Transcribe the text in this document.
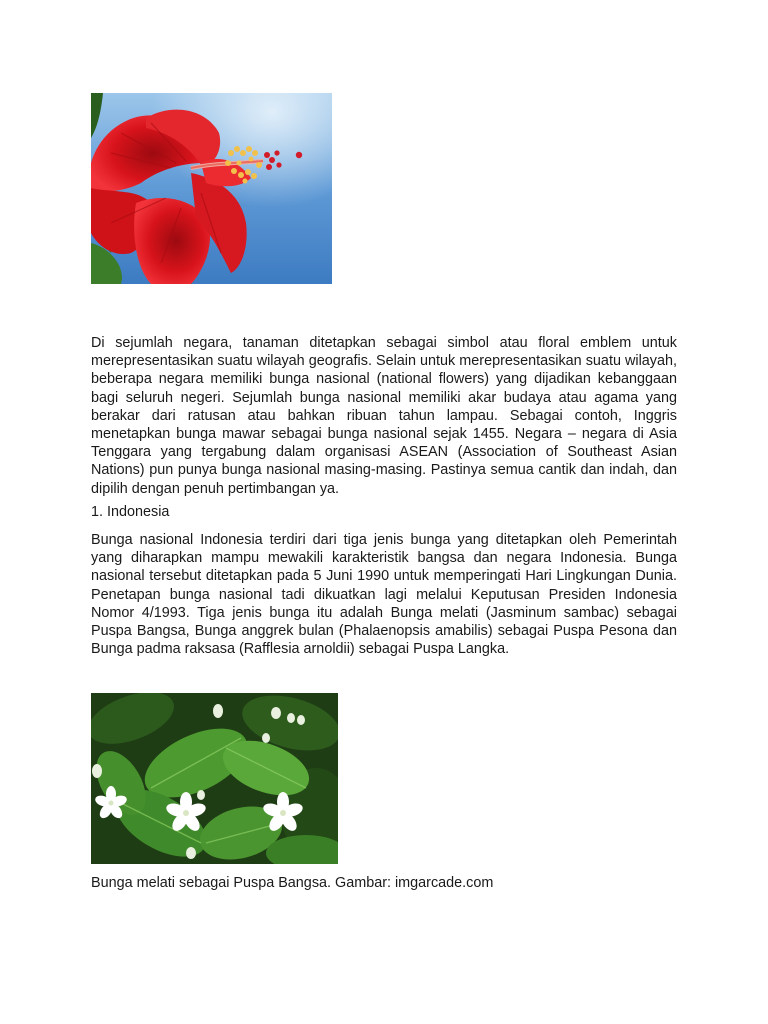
Di sejumlah negara, tanaman ditetapkan sebagai simbol atau floral emblem untuk merepresentasikan suatu wilayah geografis. Selain untuk merepresentasikan suatu wilayah, beberapa negara memiliki bunga nasional (national flowers) yang dijadikan kebanggaan bagi seluruh negeri. Sejumlah bunga nasional memiliki akar budaya atau agama yang berakar dari ratusan atau bahkan ribuan tahun lampau. Sebagai contoh, Inggris menetapkan bunga mawar sebagai bunga nasional sejak 1455. Negara – negara di Asia Tenggara yang tergabung dalam organisasi ASEAN (Association of Southeast Asian Nations) pun punya bunga nasional masing-masing. Pastinya semua cantik dan indah, dan dipilih dengan penuh pertimbangan ya.

1. Indonesia

Bunga nasional Indonesia terdiri dari tiga jenis bunga yang ditetapkan oleh Pemerintah yang diharapkan mampu mewakili karakteristik bangsa dan negara Indonesia. Bunga nasional tersebut ditetapkan pada 5 Juni 1990 untuk memperingati Hari Lingkungan Dunia. Penetapan bunga nasional tadi dikuatkan lagi melalui Keputusan Presiden Indonesia Nomor 4/1993. Tiga jenis bunga itu adalah Bunga melati (Jasminum sambac) sebagai Puspa Bangsa, Bunga anggrek bulan (Phalaenopsis amabilis) sebagai Puspa Pesona dan Bunga padma raksasa (Rafflesia arnoldii) sebagai Puspa Langka.

Bunga melati sebagai Puspa Bangsa. Gambar: imgarcade.com
